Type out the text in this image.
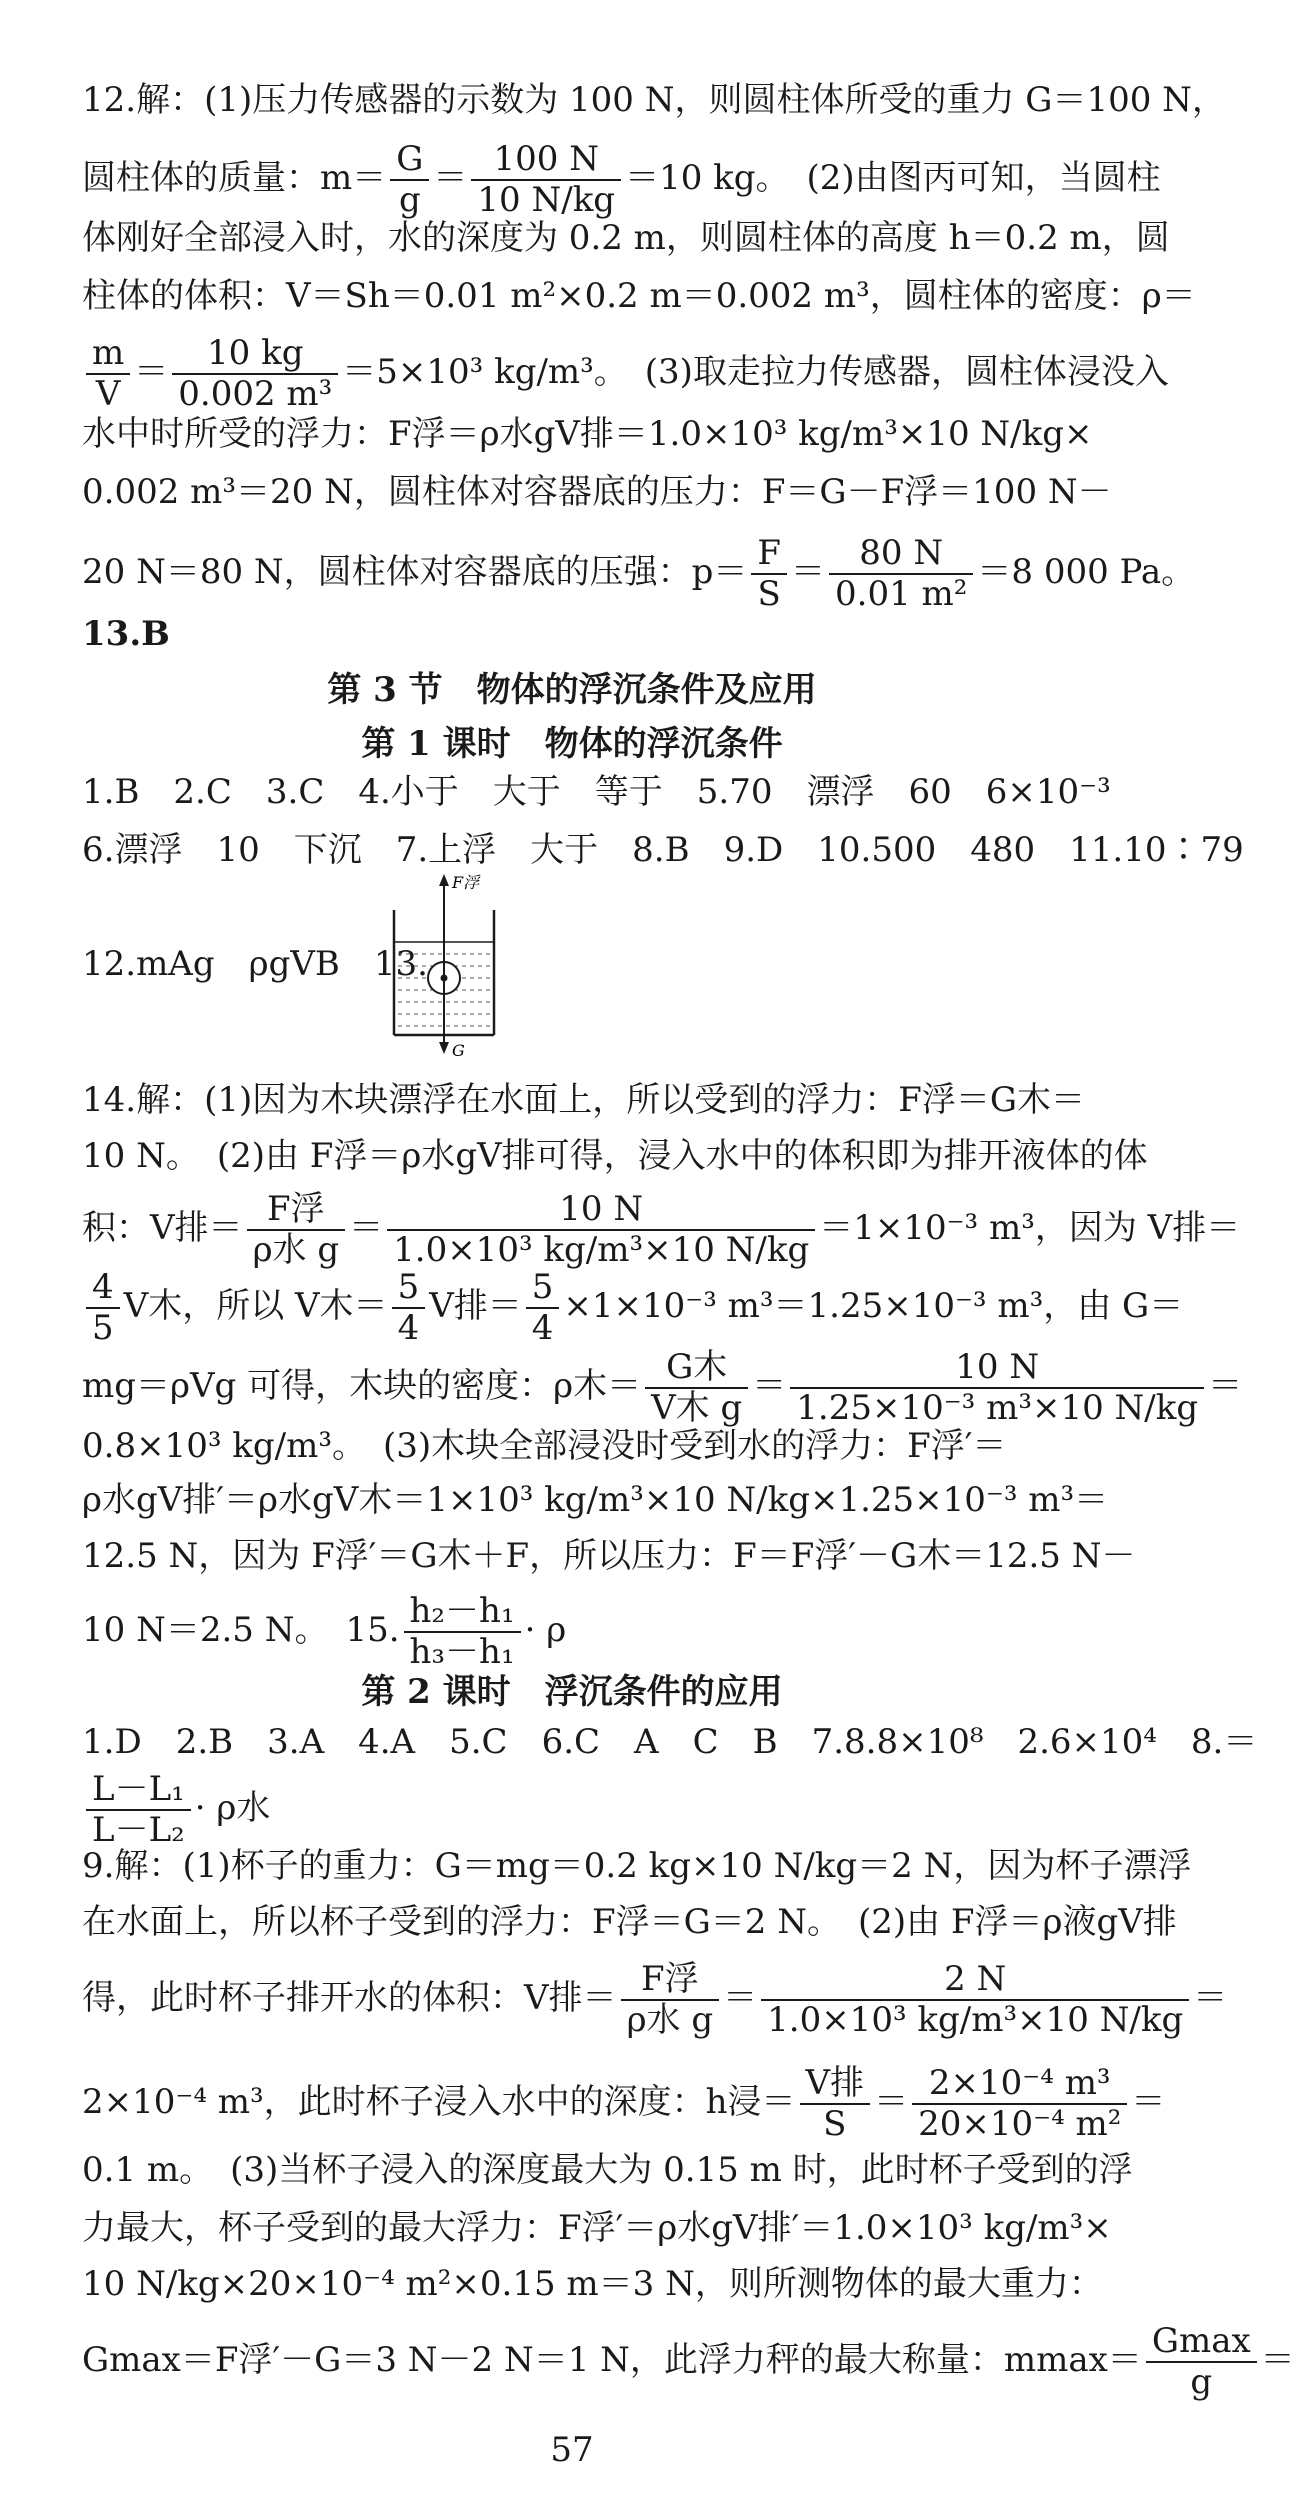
12.解：(1)压力传感器的示数为 100 N，则圆柱体所受的重力 G＝100 N，
圆柱体的质量：$m= \frac{G}{g} = \frac{100 N}{10 N/kg} =10$ kg。　(2)由图丙可知，当圆柱
体刚好全部浸入时，水的深度为 0.2 m，则圆柱体的高度 h＝0.2 m，圆
柱体的体积：V＝Sh＝0.01 m²×0.2 m＝0.002 m³，圆柱体的密度：ρ＝
$\frac{m}{V} = \frac{10 kg}{\text{0.002 m³}} =5\times 10^3$ kg/m³。　(3)取走拉力传感器，圆柱体浸没入
水中时所受的浮力：F浮＝ρ水gV排＝1.0×10³ kg/m³×10 N/kg×
0.002 m³＝20 N，圆柱体对容器底的压力：F＝G－F浮＝100 N－
20 N＝80 N，圆柱体对容器底的压强：$p= \frac{F}{S} = \frac{80 N}{\text{0.01 m²}} =8$ 000 Pa。
13.B
第 3 节　物体的浮沉条件及应用
第 1 课时　物体的浮沉条件
1.B　2.C　3.C　4.小于　大于　等于　5.70　漂浮　60　6×10⁻³
6.漂浮　10　下沉　7.上浮　大于　8.B　9.D　10.500　480　11.10∶79
12.mAg　ρgVB　13.
F浮
G
14.解：(1)因为木块漂浮在水面上，所以受到的浮力：F浮＝G木＝
10 N。　(2)由 F浮＝ρ水gV排可得，浸入水中的体积即为排开液体的体
积：V排＝ $\frac{\text{F浮}}{\text{ρ水 g}} = \frac{10 N}{\text{1.0×10³ kg/m³×10 N/kg}} =1\times 10^{-3}$ m³，因为 V排＝
$\frac{4}{5}$ V木，所以 V木＝ $\frac{5}{4}$ V排＝ $\frac{5}{4} \times 1\times 10^{-3}$ m³＝1.25×10⁻³ m³，由 G＝
mg＝ρVg 可得，木块的密度：ρ木＝ $\frac{\text{G木}}{\text{V木 g}} = \frac{10 N}{\text{1.25×10⁻³ m³×10 N/kg}}$ ＝
0.8×10³ kg/m³。　(3)木块全部浸没时受到水的浮力：F浮′＝
ρ水gV排′＝ρ水gV木＝1×10³ kg/m³×10 N/kg×1.25×10⁻³ m³＝
12.5 N，因为 F浮′＝G木＋F，所以压力：F＝F浮′－G木＝12.5 N－
10 N＝2.5 N。　15. $\frac{\text{h₂－h₁}}{\text{h₃－h₁}} \cdot \rho$
第 2 课时　浮沉条件的应用
1.D　2.B　3.A　4.A　5.C　6.C　A　C　B　7.8.8×10⁸　2.6×10⁴　8.＝
$\frac{\text{L－L₁}}{\text{L－L₂}} \cdot \rho$水
9.解：(1)杯子的重力：G＝mg＝0.2 kg×10 N/kg＝2 N，因为杯子漂浮
在水面上，所以杯子受到的浮力：F浮＝G＝2 N。　(2)由 F浮＝ρ液gV排
得，此时杯子排开水的体积：V排＝ $\frac{\text{F浮}}{\text{ρ水 g}} = \frac{2 N}{\text{1.0×10³ kg/m³×10 N/kg}}$ ＝
2×10⁻⁴ m³，此时杯子浸入水中的深度：h浸＝ $\frac{\text{V排}}{S} = \frac{\text{2×10⁻⁴ m³}}{\text{20×10⁻⁴ m²}}$ ＝
0.1 m。　(3)当杯子浸入的深度最大为 0.15 m 时，此时杯子受到的浮
力最大，杯子受到的最大浮力：F浮′＝ρ水gV排′＝1.0×10³ kg/m³×
10 N/kg×20×10⁻⁴ m²×0.15 m＝3 N，则所测物体的最大重力：
Gmax＝F浮′－G＝3 N－2 N＝1 N，此浮力秤的最大称量：$mmax= \frac{Gmax}{g}$ ＝
57
